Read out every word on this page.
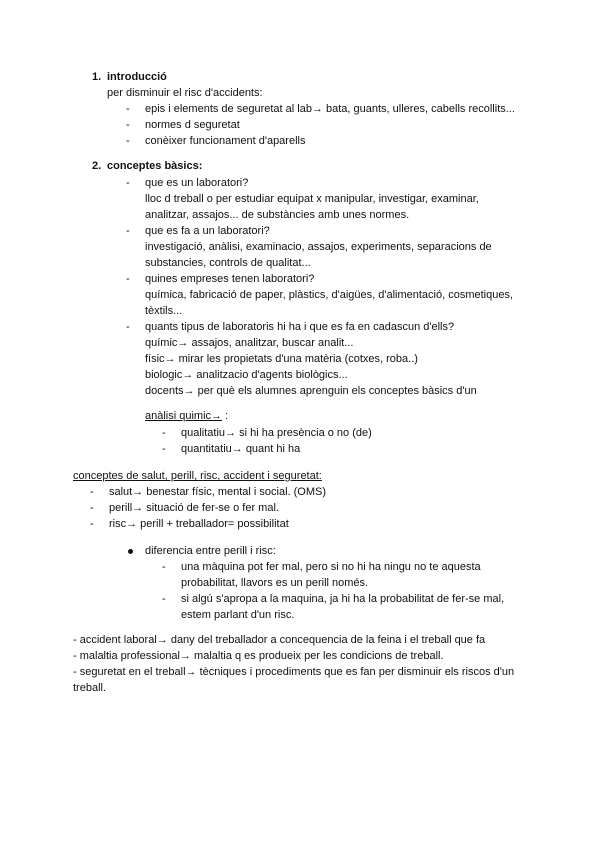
1. introducció
per disminuir el risc d'accidents:
- epis i elements de seguretat al lab→ bata, guants, ulleres, cabells recollits...
- normes d seguretat
- conèixer funcionament d'aparells
2. conceptes bàsics:
- que es un laboratori?
lloc d treball o per estudiar equipat x manipular, investigar, examinar,
analitzar, assajos... de substàncies amb unes normes.
- que es fa a un laboratori?
investigació, anàlisi, examinacio, assajos, experiments, separacions de
substancies, controls de qualitat...
- quines empreses tenen laboratori?
química, fabricació de paper, plàstics, d'aigües, d'alimentació, cosmetiques,
tèxtils...
- quants tipus de laboratoris hi ha i que es fa en cadascun d'ells?
químic→ assajos, analitzar, buscar analit...
físic→ mirar les propietats d'una matèria (cotxes, roba..)
biologic→ analitzacio d'agents biològics...
docents→ per què els alumnes aprenguin els conceptes bàsics d'un
anàlisi quimic→ :
- qualitatiu→ si hi ha presència o no (de)
- quantitatiu→ quant hi ha
conceptes de salut, perill, risc, accident i seguretat:
- salut→ benestar físic, mental i social. (OMS)
- perill→ situació de fer-se o fer mal.
- risc→ perill + treballador= possibilitat
diferencia entre perill i risc:
- una màquina pot fer mal, pero si no hi ha ningu no te aquesta
probabilitat, llavors es un perill només.
- si algú s'apropa a la maquina, ja hi ha la probabilitat de fer-se mal,
estem parlant d'un risc.
- accident laboral→ dany del treballador a concequencia de la feina i el treball que fa
- malaltia professional→ malaltia q es produeix per les condicions de treball.
- seguretat en el treball→ tècniques i procediments que es fan per disminuir els riscos d'un
treball.
